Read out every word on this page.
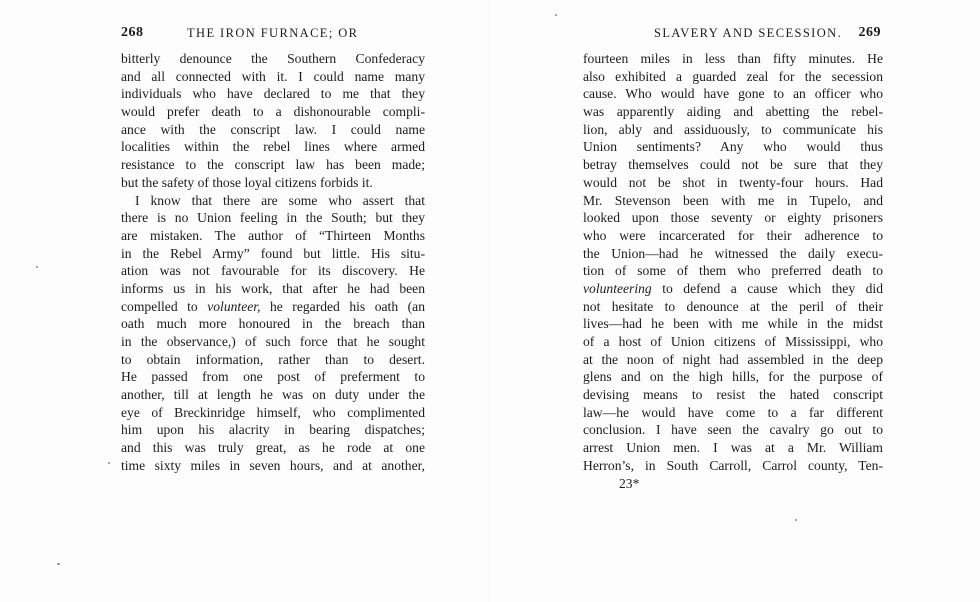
268	THE IRON FURNACE; OR
bitterly denounce the Southern Confederacy
and all connected with it. I could name many
individuals who have declared to me that they
would prefer death to a dishonourable compli-
ance with the conscript law. I could name
localities within the rebel lines where armed
resistance to the conscript law has been made;
but the safety of those loyal citizens forbids it.
I know that there are some who assert that
there is no Union feeling in the South; but they
are mistaken. The author of “Thirteen Months
in the Rebel Army” found but little. His situ-
ation was not favourable for its discovery. He
informs us in his work, that after he had been
compelled to volunteer, he regarded his oath (an
oath much more honoured in the breach than
in the observance,) of such force that he sought
to obtain information, rather than to desert.
He passed from one post of preferment to
another, till at length he was on duty under the
eye of Breckinridge himself, who complimented
him upon his alacrity in bearing dispatches;
and this was truly great, as he rode at one
time sixty miles in seven hours, and at another,
SLAVERY AND SECESSION. 269
fourteen miles in less than fifty minutes. He
also exhibited a guarded zeal for the secession
cause. Who would have gone to an officer who
was apparently aiding and abetting the rebel-
lion, ably and assiduously, to communicate his
Union sentiments? Any who would thus
betray themselves could not be sure that they
would not be shot in twenty-four hours. Had
Mr. Stevenson been with me in Tupelo, and
looked upon those seventy or eighty prisoners
who were incarcerated for their adherence to
the Union—had he witnessed the daily execu-
tion of some of them who preferred death to
volunteering to defend a cause which they did
not hesitate to denounce at the peril of their
lives—had he been with me while in the midst
of a host of Union citizens of Mississippi, who
at the noon of night had assembled in the deep
glens and on the high hills, for the purpose of
devising means to resist the hated conscript
law—he would have come to a far different
conclusion. I have seen the cavalry go out to
arrest Union men. I was at a Mr. William
Herron’s, in South Carroll, Carrol county, Ten-
23*
